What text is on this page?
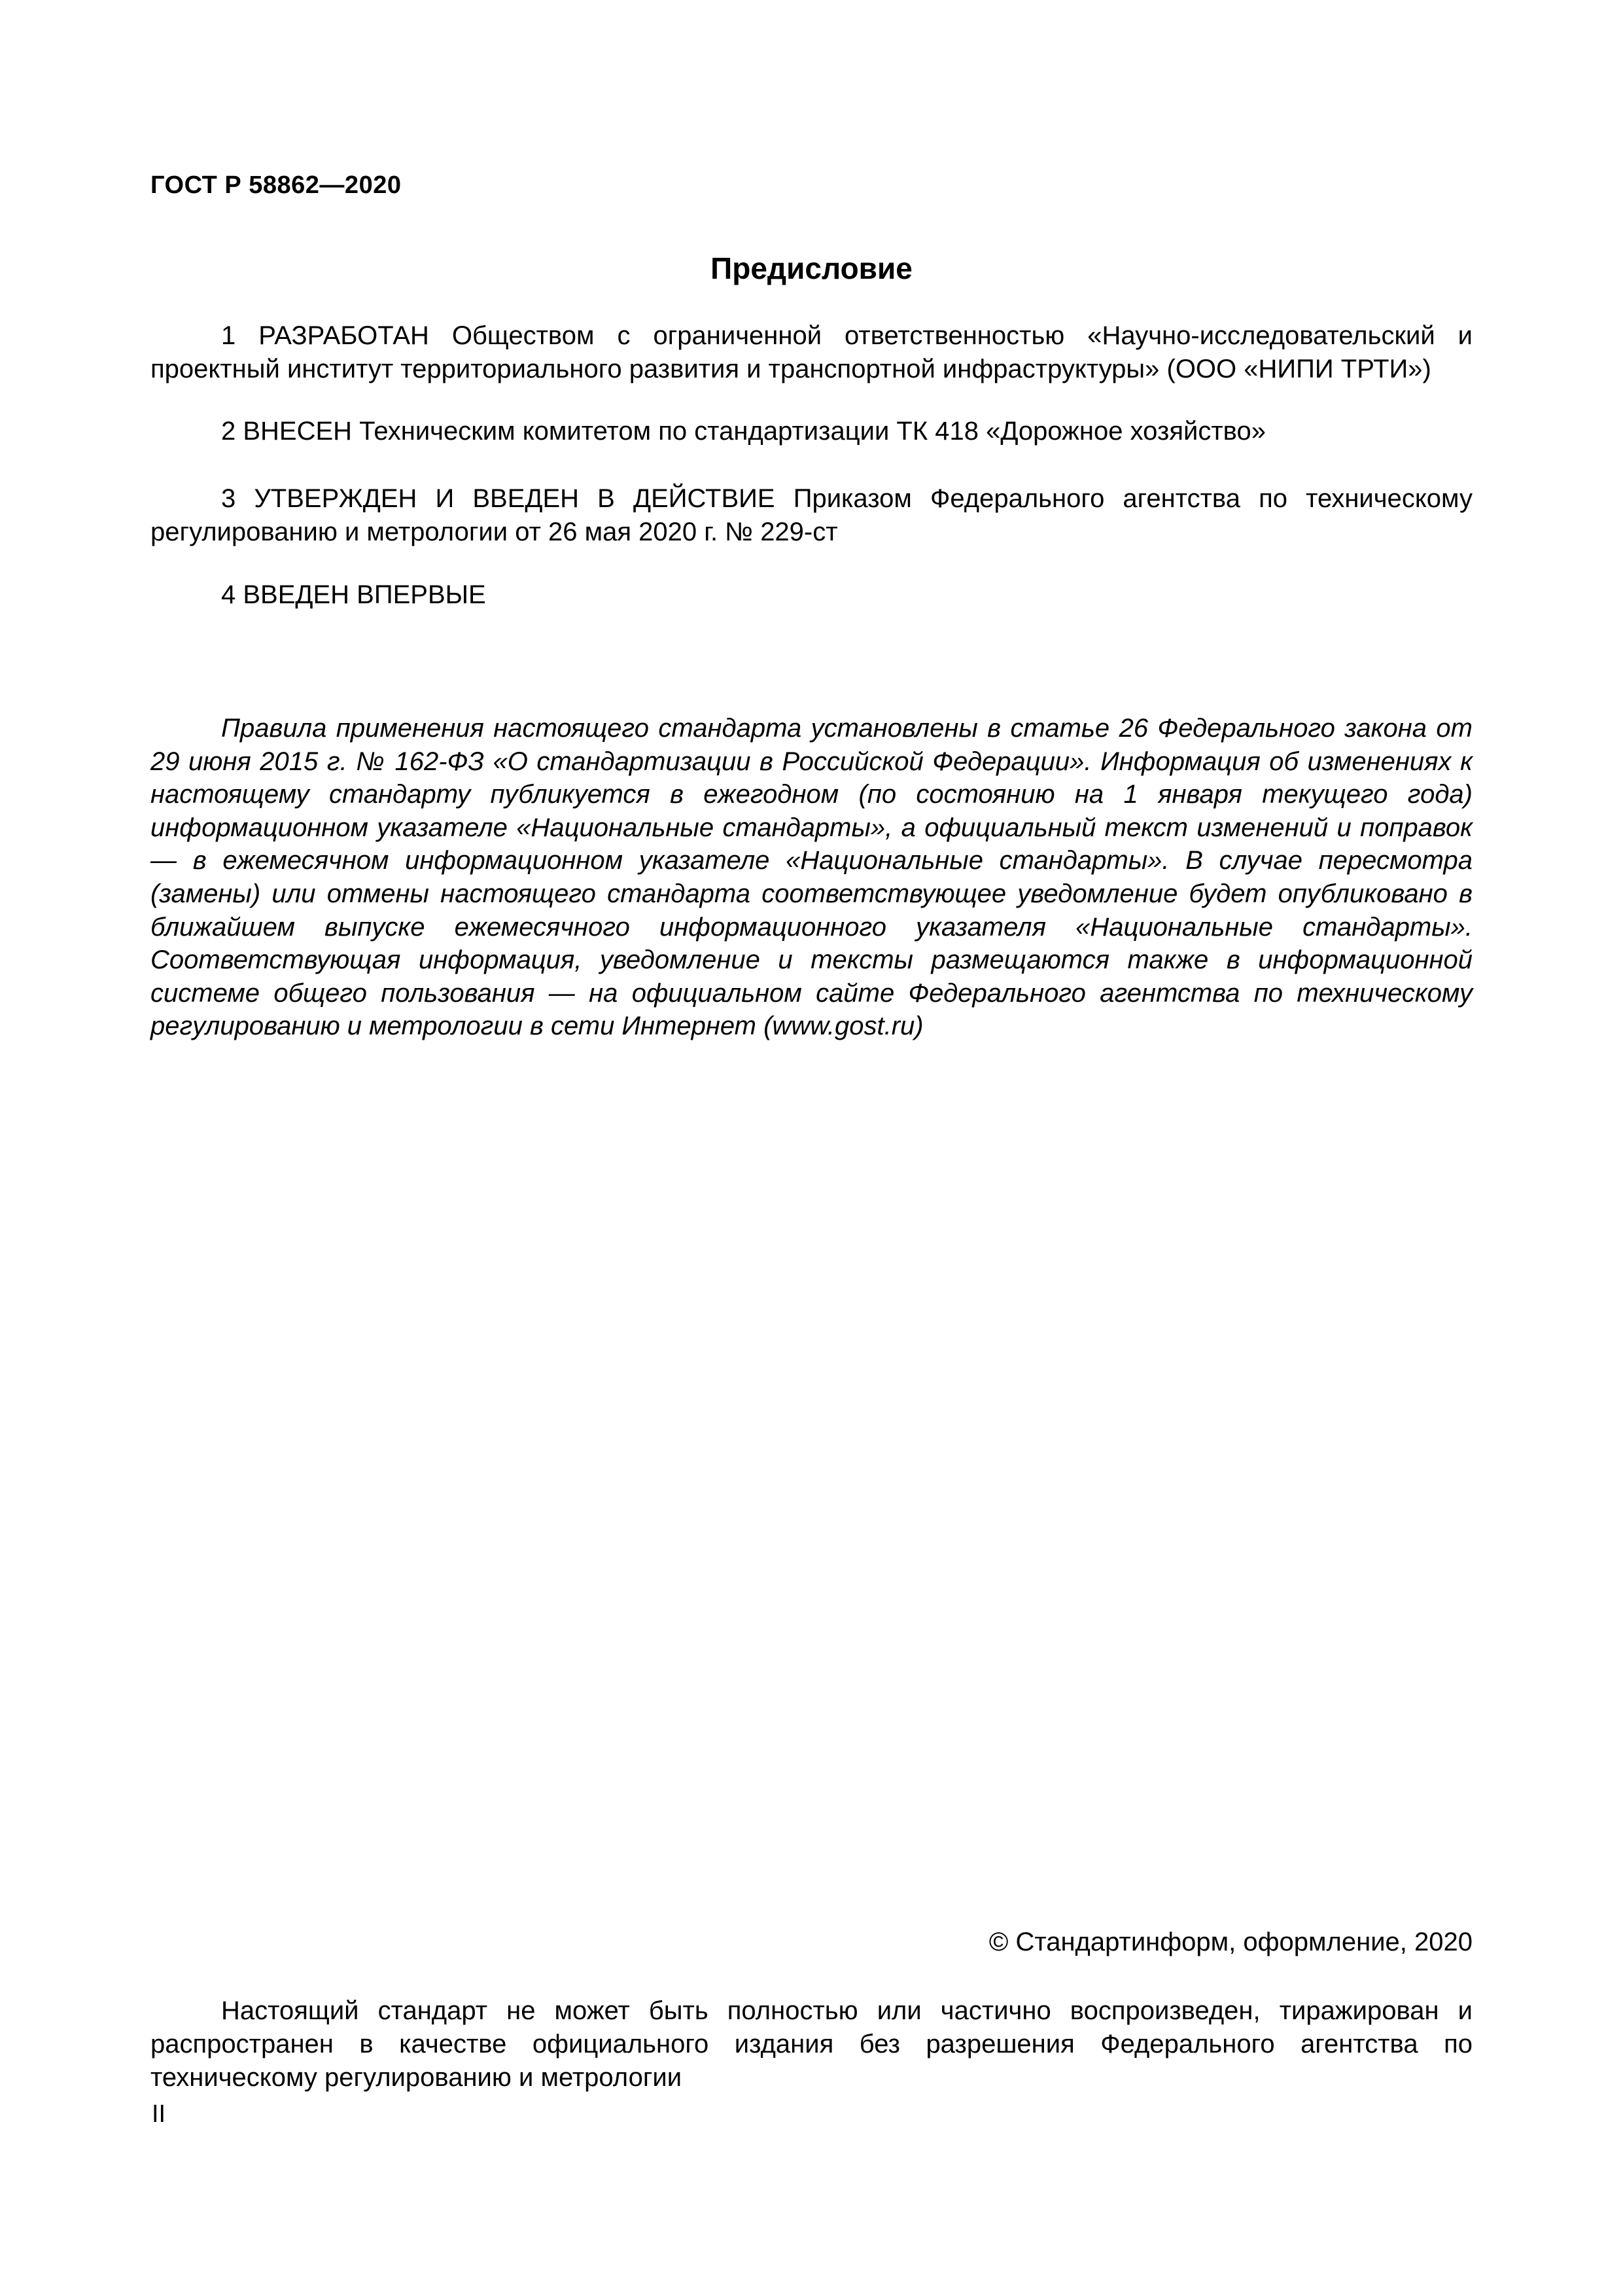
ГОСТ Р 58862—2020
Предисловие
1 РАЗРАБОТАН Обществом с ограниченной ответственностью «Научно-исследовательский и проектный институт территориального развития и транспортной инфраструктуры» (ООО «НИПИ ТРТИ»)
2 ВНЕСЕН Техническим комитетом по стандартизации ТК 418 «Дорожное хозяйство»
3 УТВЕРЖДЕН И ВВЕДЕН В ДЕЙСТВИЕ Приказом Федерального агентства по техническому регулированию и метрологии от 26 мая 2020 г. № 229-ст
4 ВВЕДЕН ВПЕРВЫЕ
Правила применения настоящего стандарта установлены в статье 26 Федерального закона от 29 июня 2015 г. № 162-ФЗ «О стандартизации в Российской Федерации». Информация об изменениях к настоящему стандарту публикуется в ежегодном (по состоянию на 1 января текущего года) информационном указателе «Национальные стандарты», а официальный текст изменений и поправок — в ежемесячном информационном указателе «Национальные стандарты». В случае пересмотра (замены) или отмены настоящего стандарта соответствующее уведомление будет опубликовано в ближайшем выпуске ежемесячного информационного указателя «Национальные стандарты». Соответствующая информация, уведомление и тексты размещаются также в информационной системе общего пользования — на официальном сайте Федерального агентства по техническому регулированию и метрологии в сети Интернет (www.gost.ru)
© Стандартинформ, оформление, 2020
Настоящий стандарт не может быть полностью или частично воспроизведен, тиражирован и распространен в качестве официального издания без разрешения Федерального агентства по техническому регулированию и метрологии
II
